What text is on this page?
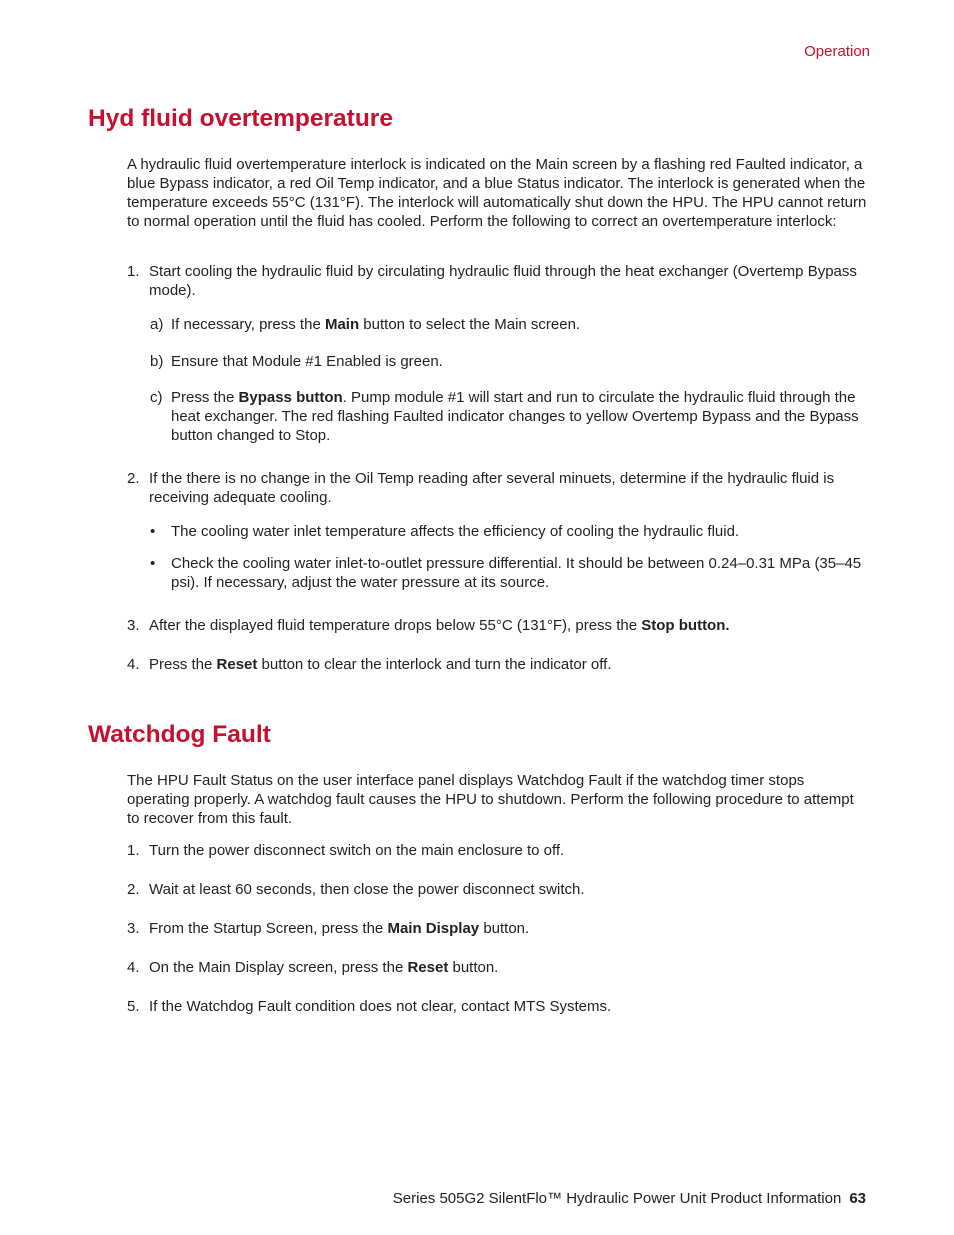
Operation
Hyd fluid overtemperature
A hydraulic fluid overtemperature interlock is indicated on the Main screen by a flashing red Faulted indicator, a blue Bypass indicator, a red Oil Temp indicator, and a blue Status indicator. The interlock is generated when the temperature exceeds 55°C (131°F). The interlock will automatically shut down the HPU. The HPU cannot return to normal operation until the fluid has cooled. Perform the following to correct an overtemperature interlock:
1. Start cooling the hydraulic fluid by circulating hydraulic fluid through the heat exchanger (Overtemp Bypass mode).
a) If necessary, press the Main button to select the Main screen.
b) Ensure that Module #1 Enabled is green.
c) Press the Bypass button. Pump module #1 will start and run to circulate the hydraulic fluid through the heat exchanger. The red flashing Faulted indicator changes to yellow Overtemp Bypass and the Bypass button changed to Stop.
2. If the there is no change in the Oil Temp reading after several minuets, determine if the hydraulic fluid is receiving adequate cooling.
• The cooling water inlet temperature affects the efficiency of cooling the hydraulic fluid.
• Check the cooling water inlet-to-outlet pressure differential. It should be between 0.24–0.31 MPa (35–45 psi). If necessary, adjust the water pressure at its source.
3. After the displayed fluid temperature drops below 55°C (131°F), press the Stop button.
4. Press the Reset button to clear the interlock and turn the indicator off.
Watchdog Fault
The HPU Fault Status on the user interface panel displays Watchdog Fault if the watchdog timer stops operating properly. A watchdog fault causes the HPU to shutdown. Perform the following procedure to attempt to recover from this fault.
1. Turn the power disconnect switch on the main enclosure to off.
2. Wait at least 60 seconds, then close the power disconnect switch.
3. From the Startup Screen, press the Main Display button.
4. On the Main Display screen, press the Reset button.
5. If the Watchdog Fault condition does not clear, contact MTS Systems.
Series 505G2 SilentFlo™ Hydraulic Power Unit Product Information 63
